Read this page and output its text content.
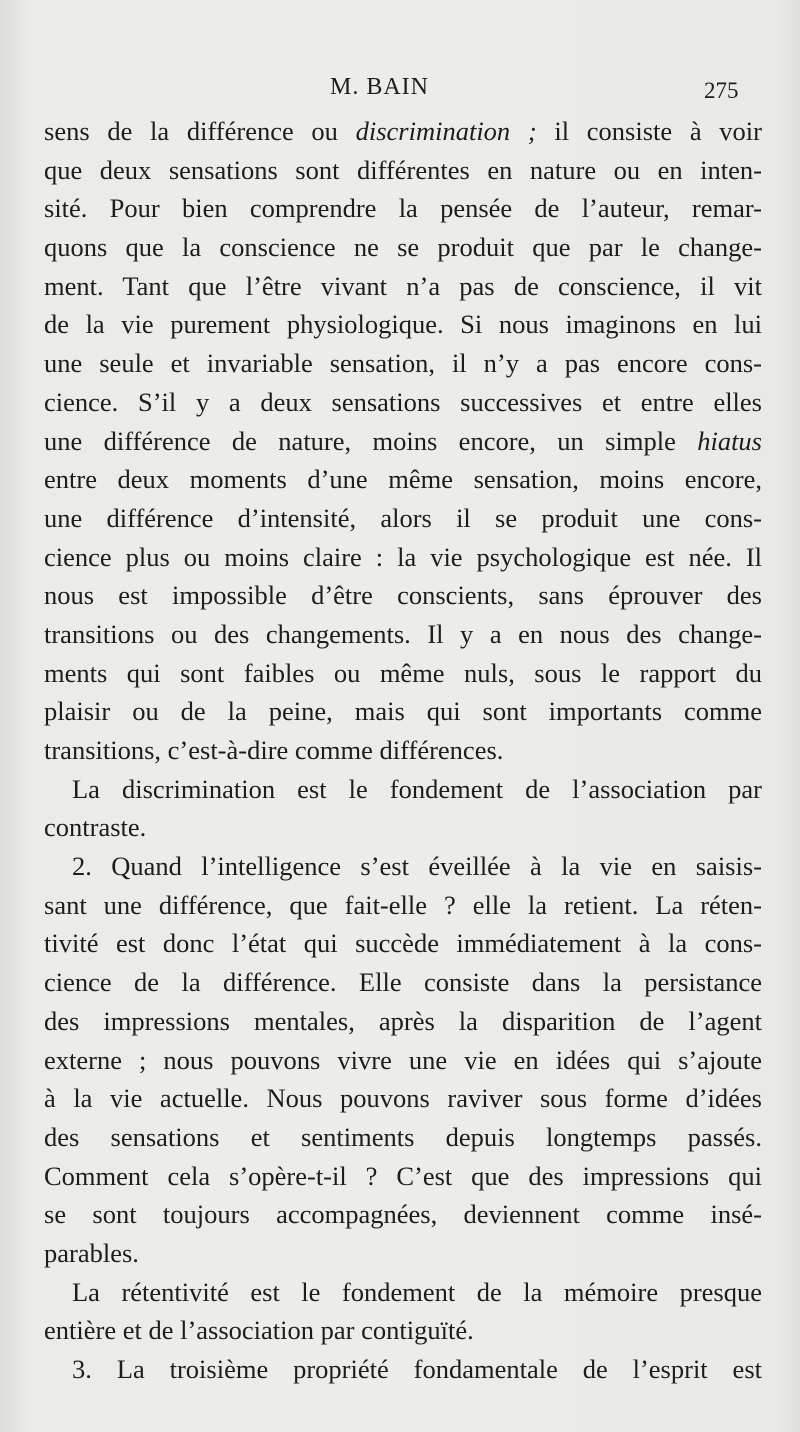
M. BAIN	275
sens de la différence ou discrimination ; il consiste à voir
que deux sensations sont différentes en nature ou en inten-
sité. Pour bien comprendre la pensée de l’auteur, remar-
quons que la conscience ne se produit que par le change-
ment. Tant que l’être vivant n’a pas de conscience, il vit
de la vie purement physiologique. Si nous imaginons en lui
une seule et invariable sensation, il n’y a pas encore cons-
cience. S’il y a deux sensations successives et entre elles
une différence de nature, moins encore, un simple hiatus
entre deux moments d’une même sensation, moins encore,
une différence d’intensité, alors il se produit une cons-
cience plus ou moins claire : la vie psychologique est née. Il
nous est impossible d’être conscients, sans éprouver des
transitions ou des changements. Il y a en nous des change-
ments qui sont faibles ou même nuls, sous le rapport du
plaisir ou de la peine, mais qui sont importants comme
transitions, c’est-à-dire comme différences.
La discrimination est le fondement de l’association par
contraste.
2. Quand l’intelligence s’est éveillée à la vie en saisis-
sant une différence, que fait-elle ? elle la retient. La réten-
tivité est donc l’état qui succède immédiatement à la cons-
cience de la différence. Elle consiste dans la persistance
des impressions mentales, après la disparition de l’agent
externe ; nous pouvons vivre une vie en idées qui s’ajoute
à la vie actuelle. Nous pouvons raviver sous forme d’idées
des sensations et sentiments depuis longtemps passés.
Comment cela s’opère-t-il ? C’est que des impressions qui
se sont toujours accompagnées, deviennent comme insé-
parables.
La rétentivité est le fondement de la mémoire presque
entière et de l’association par contiguïté.
3. La troisième propriété fondamentale de l’esprit est
